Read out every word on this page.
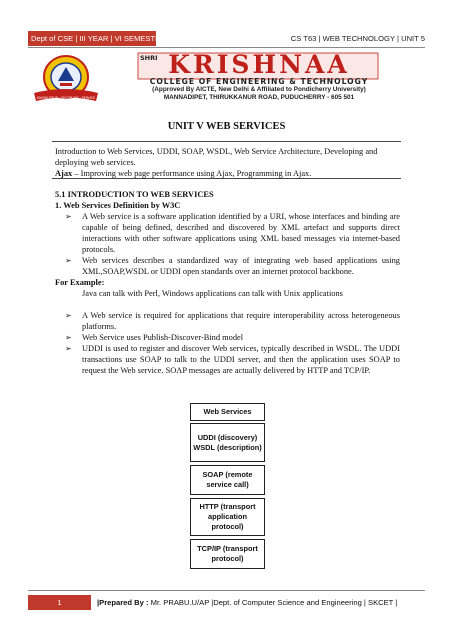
Dept of CSE | III YEAR | VI SEMESTER	CS T63 | WEB TECHNOLOGY | UNIT 5
KNOWLEDGE · DISCIPLINE · SERVICE
SHRI KRISHNAA
COLLEGE OF ENGINEERING & TECHNOLOGY
(Approved By AICTE, New Delhi & Affiliated to Pondicherry University)
MANNADIPET, THIRUKKANUR ROAD, PUDUCHERRY - 605 501
UNIT V WEB SERVICES

Introduction to Web Services, UDDI, SOAP, WSDL, Web Service Architecture, Developing and deploying web services.

Ajax – Improving web page performance using Ajax, Programming in Ajax.

5.1 INTRODUCTION TO WEB SERVICES
1. Web Services Definition by W3C
➢ A Web service is a software application identified by a URI, whose interfaces and binding are capable of being defined, described and discovered by XML artefact and supports direct interactions with other software applications using XML based messages via internet-based protocols.
➢ Web services describes a standardized way of integrating web based applications using XML,SOAP,WSDL or UDDI open standards over an internet protocol backbone.
For Example:
Java can talk with Perl, Windows applications can talk with Unix applications
➢ A Web service is required for applications that require interoperability across heterogeneous platforms.
➢ Web Service uses Publish-Discover-Bind model
➢ UDDI is used to register and discover Web services, typically described in WSDL. The UDDI transactions use SOAP to talk to the UDDI server, and then the application uses SOAP to request the Web service. SOAP messages are actually delivered by HTTP and TCP/IP.
Web Services
UDDI (discovery) WSDL (description)
SOAP (remote service call)
HTTP (transport application protocol)
TCP/IP (transport protocol)
1	|Prepared By : Mr. PRABU.U/AP |Dept. of Computer Science and Engineering | SKCET |
